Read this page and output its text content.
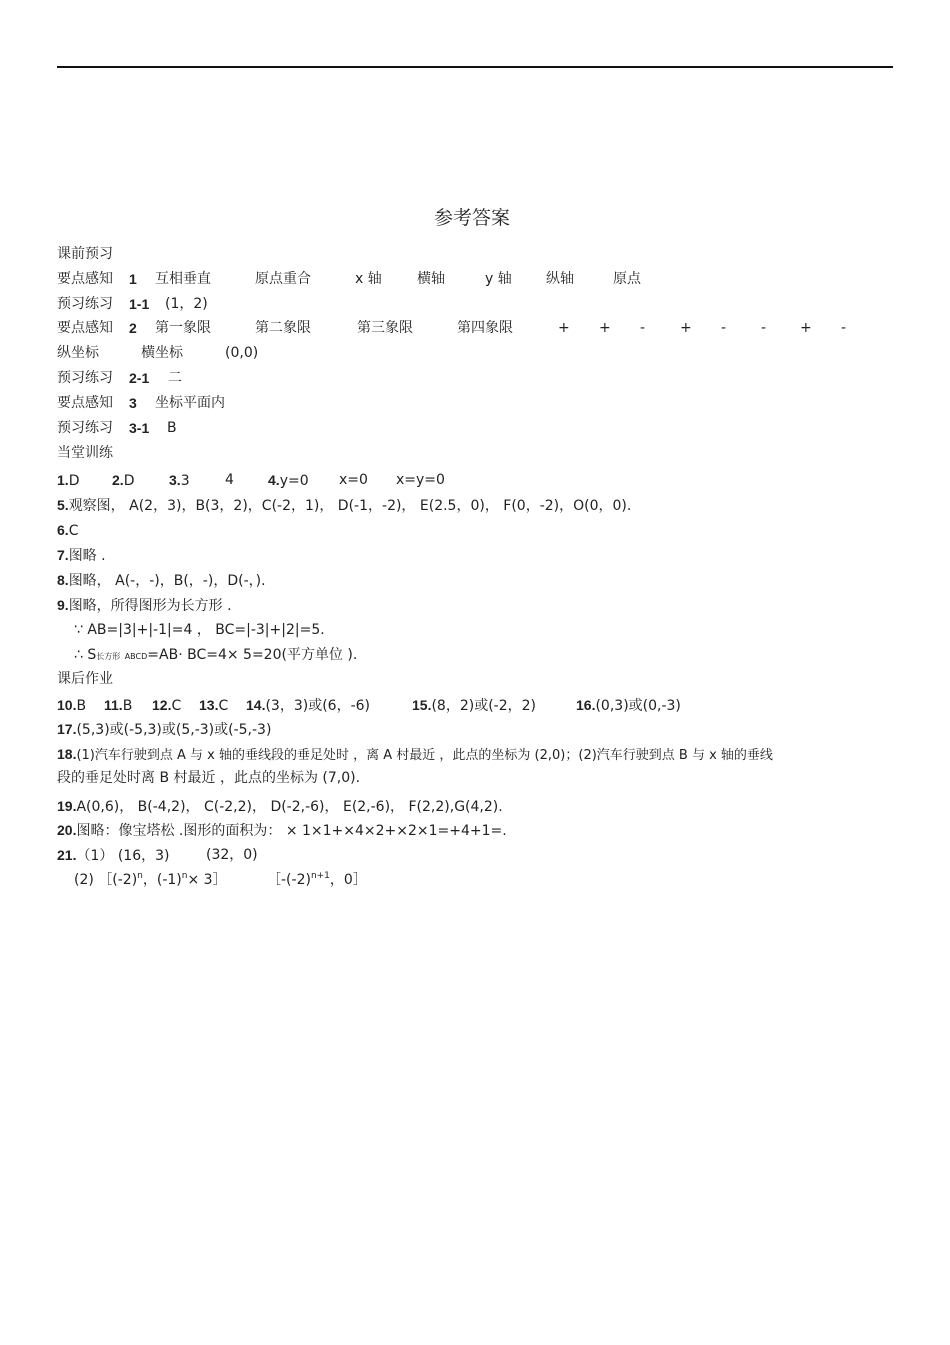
参考答案
课前预习
要点感知 1 互相垂直	原点重合	x 轴	横轴	y 轴 纵轴	原点
预习练习 1-1 (1，2)
要点感知 2 第一象限	第二象限	第三象限	第四象限	+ + - + - - + -
纵坐标	横坐标	(0,0)
预习练习 2-1 二
要点感知 3 坐标平面内
预习练习 3-1 B
当堂训练
1.D 2.D 3.3	4 4.y=0 x=0 x=y=0
5.观察图， A(2，3)，B(3，2)，C(-2，1)， D(-1，-2)， E(2.5，0)， F(0，-2)，O(0，0).
6.C
7.图略 .
8.图略， A(-，-)，B(，-)，D(-，).
9.图略，所得图形为长方形 .
∵ AB=|3|+|-1|=4 ， BC=|-3|+|2|=5.
∴ S长方形 ABCD=AB· BC=4× 5=20(平方单位 ).
课后作业
10.B 11.B 12.C 13.C 14.(3，3)或(6，-6)	15.(8，2)或(-2，2)	16.(0,3)或(0,-3)
17.(5,3)或(-5,3)或(5,-3)或(-5,-3)
18.(1)汽车行驶到点 A 与 x 轴的垂线段的垂足处时 ，离 A 村最近 ，此点的坐标为 (2,0)；(2)汽车行驶到点 B 与 x 轴的垂线
段的垂足处时离 B 村最近 ，此点的坐标为 (7,0).
19.A(0,6)， B(-4,2)， C(-2,2)， D(-2,-6)， E(2,-6)， F(2,2),G(4,2).
20.图略：像宝塔松 .图形的面积为： × 1×1+×4×2+×2×1=+4+1=.
21.（1） (16，3)	(32，0)
(2) $[(-2)^n$，$(-1)^n\times$ 3］	$[-(-2)^{n+1}$，0］
